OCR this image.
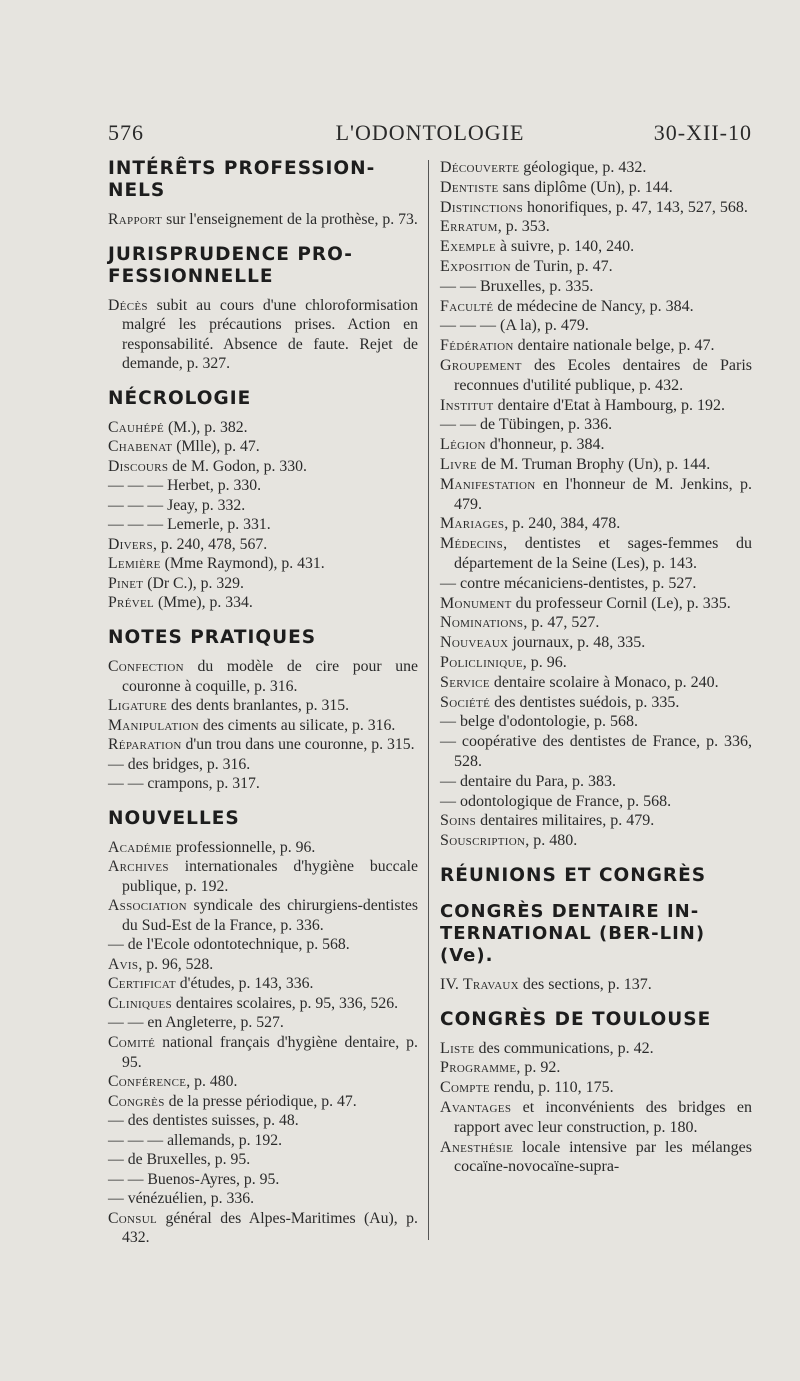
576	L'ODONTOLOGIE	30-XII-10
INTÉRÊTS PROFESSION-NELS

Rapport sur l'enseignement de la prothèse, p. 73.

JURISPRUDENCE PRO-FESSIONNELLE

Décès subit au cours d'une chloroformisation malgré les précautions prises. Action en responsabilité. Absence de faute. Rejet de demande, p. 327.

NÉCROLOGIE

Cauhépé (M.), p. 382.

Chabenat (Mlle), p. 47.

Discours de M. Godon, p. 330.

— — — Herbet, p. 330.

— — — Jeay, p. 332.

— — — Lemerle, p. 331.

Divers, p. 240, 478, 567.

Lemière (Mme Raymond), p. 431.

Pinet (Dr C.), p. 329.

Prével (Mme), p. 334.

NOTES PRATIQUES

Confection du modèle de cire pour une couronne à coquille, p. 316.

Ligature des dents branlantes, p. 315.

Manipulation des ciments au silicate, p. 316.

Réparation d'un trou dans une couronne, p. 315.

— des bridges, p. 316.

— — crampons, p. 317.

NOUVELLES

Académie professionnelle, p. 96.

Archives internationales d'hygiène buccale publique, p. 192.

Association syndicale des chirurgiens-dentistes du Sud-Est de la France, p. 336.

— de l'Ecole odontotechnique, p. 568.

Avis, p. 96, 528.

Certificat d'études, p. 143, 336.

Cliniques dentaires scolaires, p. 95, 336, 526.

— — en Angleterre, p. 527.

Comité national français d'hygiène dentaire, p. 95.

Conférence, p. 480.

Congrès de la presse périodique, p. 47.

— des dentistes suisses, p. 48.

— — — allemands, p. 192.

— de Bruxelles, p. 95.

— — Buenos-Ayres, p. 95.

— vénézuélien, p. 336.

Consul général des Alpes-Maritimes (Au), p. 432.

Découverte géologique, p. 432.

Dentiste sans diplôme (Un), p. 144.

Distinctions honorifiques, p. 47, 143, 527, 568.

Erratum, p. 353.

Exemple à suivre, p. 140, 240.

Exposition de Turin, p. 47.

— — Bruxelles, p. 335.

Faculté de médecine de Nancy, p. 384.

— — — (A la), p. 479.

Fédération dentaire nationale belge, p. 47.

Groupement des Ecoles dentaires de Paris reconnues d'utilité publique, p. 432.

Institut dentaire d'Etat à Hambourg, p. 192.

— — de Tübingen, p. 336.

Légion d'honneur, p. 384.

Livre de M. Truman Brophy (Un), p. 144.

Manifestation en l'honneur de M. Jenkins, p. 479.

Mariages, p. 240, 384, 478.

Médecins, dentistes et sages-femmes du département de la Seine (Les), p. 143.

— contre mécaniciens-dentistes, p. 527.

Monument du professeur Cornil (Le), p. 335.

Nominations, p. 47, 527.

Nouveaux journaux, p. 48, 335.

Policlinique, p. 96.

Service dentaire scolaire à Monaco, p. 240.

Société des dentistes suédois, p. 335.

— belge d'odontologie, p. 568.

— coopérative des dentistes de France, p. 336, 528.

— dentaire du Para, p. 383.

— odontologique de France, p. 568.

Soins dentaires militaires, p. 479.

Souscription, p. 480.

RÉUNIONS ET CONGRÈS
CONGRÈS DENTAIRE IN-TERNATIONAL (BER-LIN) (Ve).

IV. Travaux des sections, p. 137.

CONGRÈS DE TOULOUSE

Liste des communications, p. 42.

Programme, p. 92.

Compte rendu, p. 110, 175.

Avantages et inconvénients des bridges en rapport avec leur construction, p. 180.

Anesthésie locale intensive par les mélanges cocaïne-novocaïne-supra-
